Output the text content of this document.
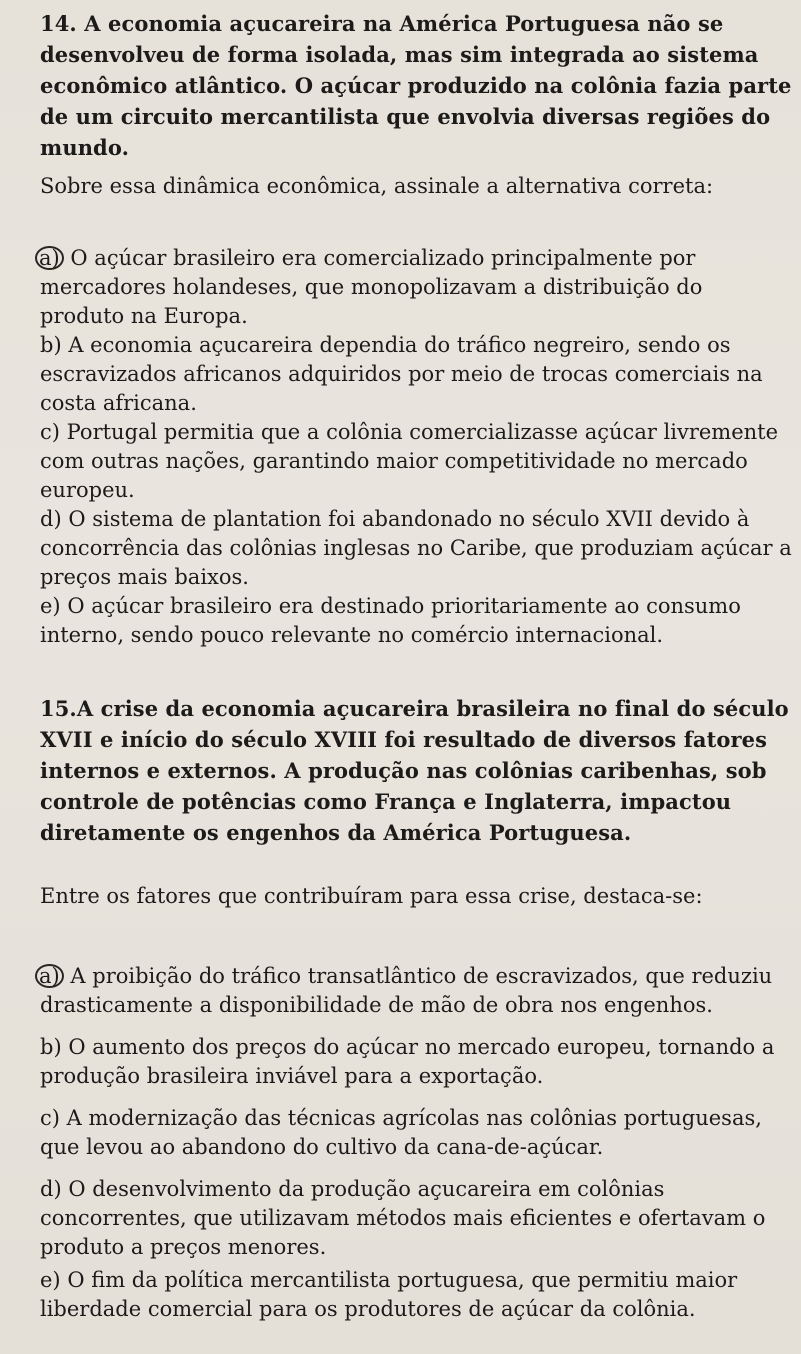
14. A economia açucareira na América Portuguesa não se desenvolveu de forma isolada, mas sim integrada ao sistema econômico atlântico. O açúcar produzido na colônia fazia parte de um circuito mercantilista que envolvia diversas regiões do mundo.

Sobre essa dinâmica econômica, assinale a alternativa correta:

a) O açúcar brasileiro era comercializado principalmente por mercadores holandeses, que monopolizavam a distribuição do produto na Europa.

b) A economia açucareira dependia do tráfico negreiro, sendo os escravizados africanos adquiridos por meio de trocas comerciais na costa africana.

c) Portugal permitia que a colônia comercializasse açúcar livremente com outras nações, garantindo maior competitividade no mercado europeu.

d) O sistema de plantation foi abandonado no século XVII devido à concorrência das colônias inglesas no Caribe, que produziam açúcar a preços mais baixos.

e) O açúcar brasileiro era destinado prioritariamente ao consumo interno, sendo pouco relevante no comércio internacional.

15.A crise da economia açucareira brasileira no final do século XVII e início do século XVIII foi resultado de diversos fatores internos e externos. A produção nas colônias caribenhas, sob controle de potências como França e Inglaterra, impactou diretamente os engenhos da América Portuguesa.

Entre os fatores que contribuíram para essa crise, destaca-se:

a) A proibição do tráfico transatlântico de escravizados, que reduziu drasticamente a disponibilidade de mão de obra nos engenhos.

b) O aumento dos preços do açúcar no mercado europeu, tornando a produção brasileira inviável para a exportação.

c) A modernização das técnicas agrícolas nas colônias portuguesas, que levou ao abandono do cultivo da cana-de-açúcar.

d) O desenvolvimento da produção açucareira em colônias concorrentes, que utilizavam métodos mais eficientes e ofertavam o produto a preços menores.

e) O fim da política mercantilista portuguesa, que permitiu maior liberdade comercial para os produtores de açúcar da colônia.
